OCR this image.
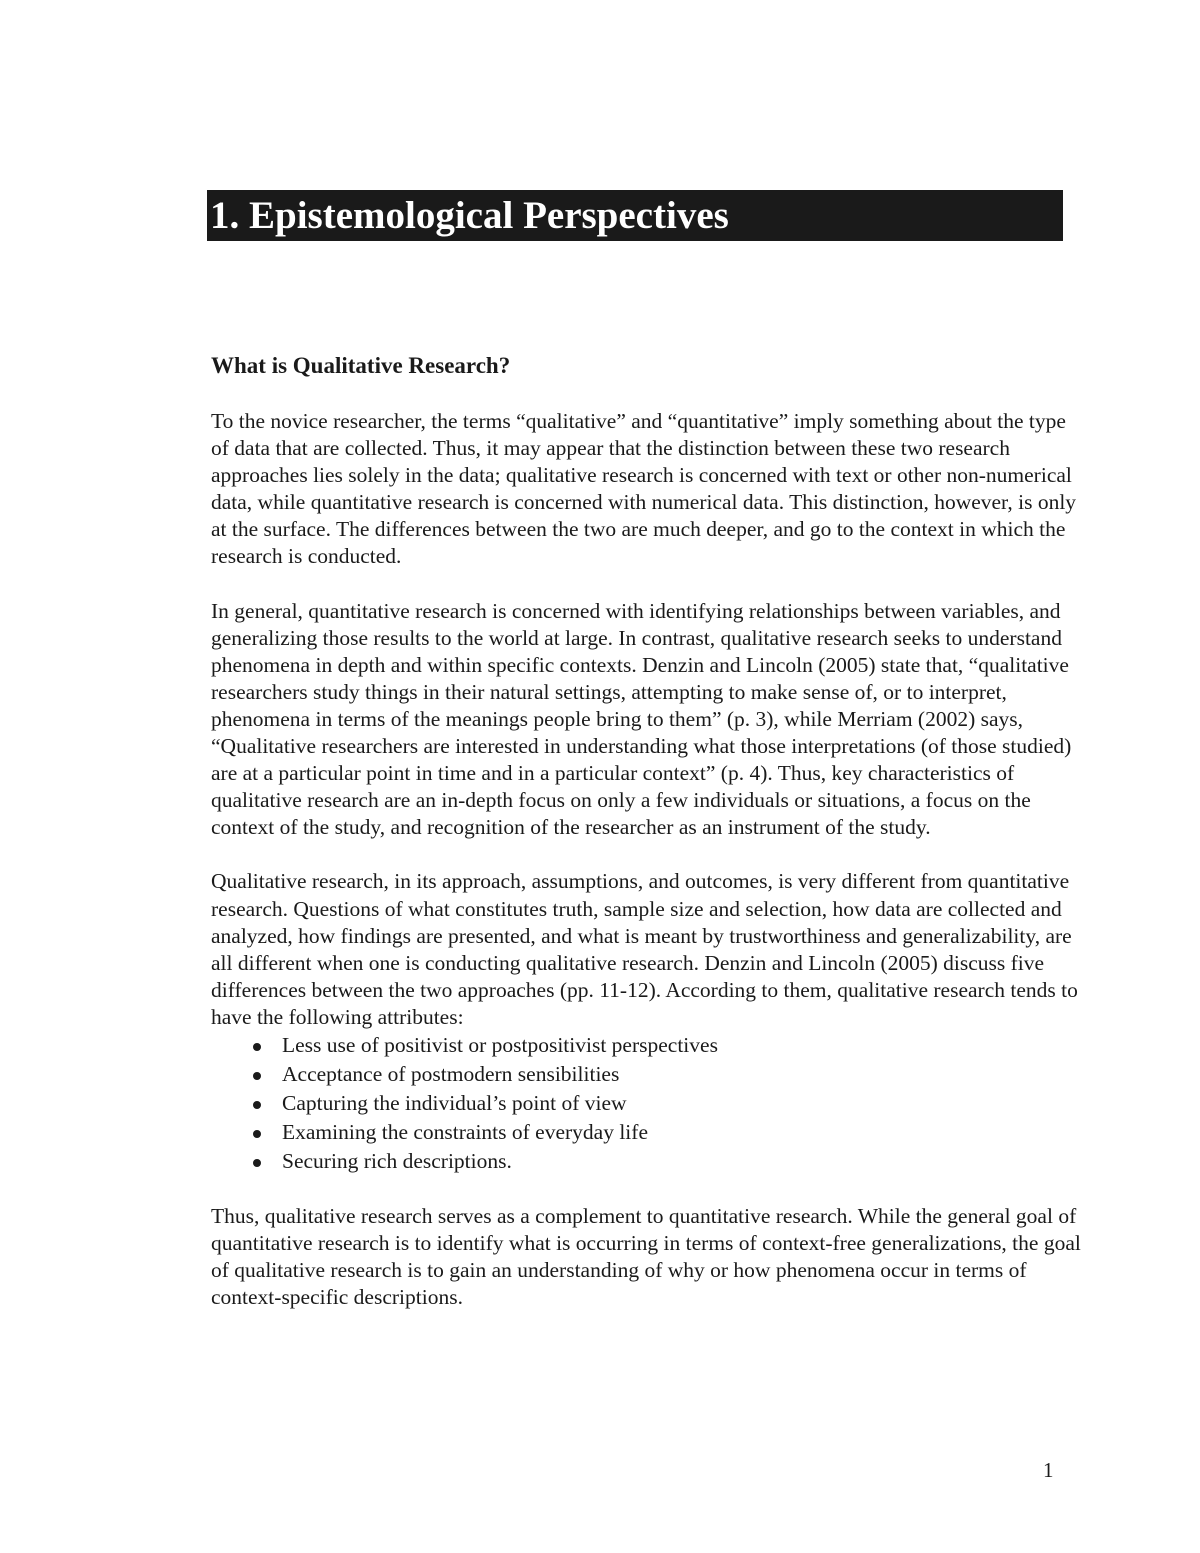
1. Epistemological Perspectives
What is Qualitative Research?

To the novice researcher, the terms “qualitative” and “quantitative” imply something about the type of data that are collected. Thus, it may appear that the distinction between these two research approaches lies solely in the data; qualitative research is concerned with text or other non-numerical data, while quantitative research is concerned with numerical data. This distinction, however, is only at the surface. The differences between the two are much deeper, and go to the context in which the research is conducted.

In general, quantitative research is concerned with identifying relationships between variables, and generalizing those results to the world at large. In contrast, qualitative research seeks to understand phenomena in depth and within specific contexts. Denzin and Lincoln (2005) state that, “qualitative researchers study things in their natural settings, attempting to make sense of, or to interpret, phenomena in terms of the meanings people bring to them” (p. 3), while Merriam (2002) says, “Qualitative researchers are interested in understanding what those interpretations (of those studied) are at a particular point in time and in a particular context” (p. 4). Thus, key characteristics of qualitative research are an in-depth focus on only a few individuals or situations, a focus on the context of the study, and recognition of the researcher as an instrument of the study.

Qualitative research, in its approach, assumptions, and outcomes, is very different from quantitative research. Questions of what constitutes truth, sample size and selection, how data are collected and analyzed, how findings are presented, and what is meant by trustworthiness and generalizability, are all different when one is conducting qualitative research. Denzin and Lincoln (2005) discuss five differences between the two approaches (pp. 11-12). According to them, qualitative research tends to have the following attributes:

Less use of positivist or postpositivist perspectives
Acceptance of postmodern sensibilities
Capturing the individual’s point of view
Examining the constraints of everyday life
Securing rich descriptions.

Thus, qualitative research serves as a complement to quantitative research. While the general goal of quantitative research is to identify what is occurring in terms of context-free generalizations, the goal of qualitative research is to gain an understanding of why or how phenomena occur in terms of context-specific descriptions.

1
